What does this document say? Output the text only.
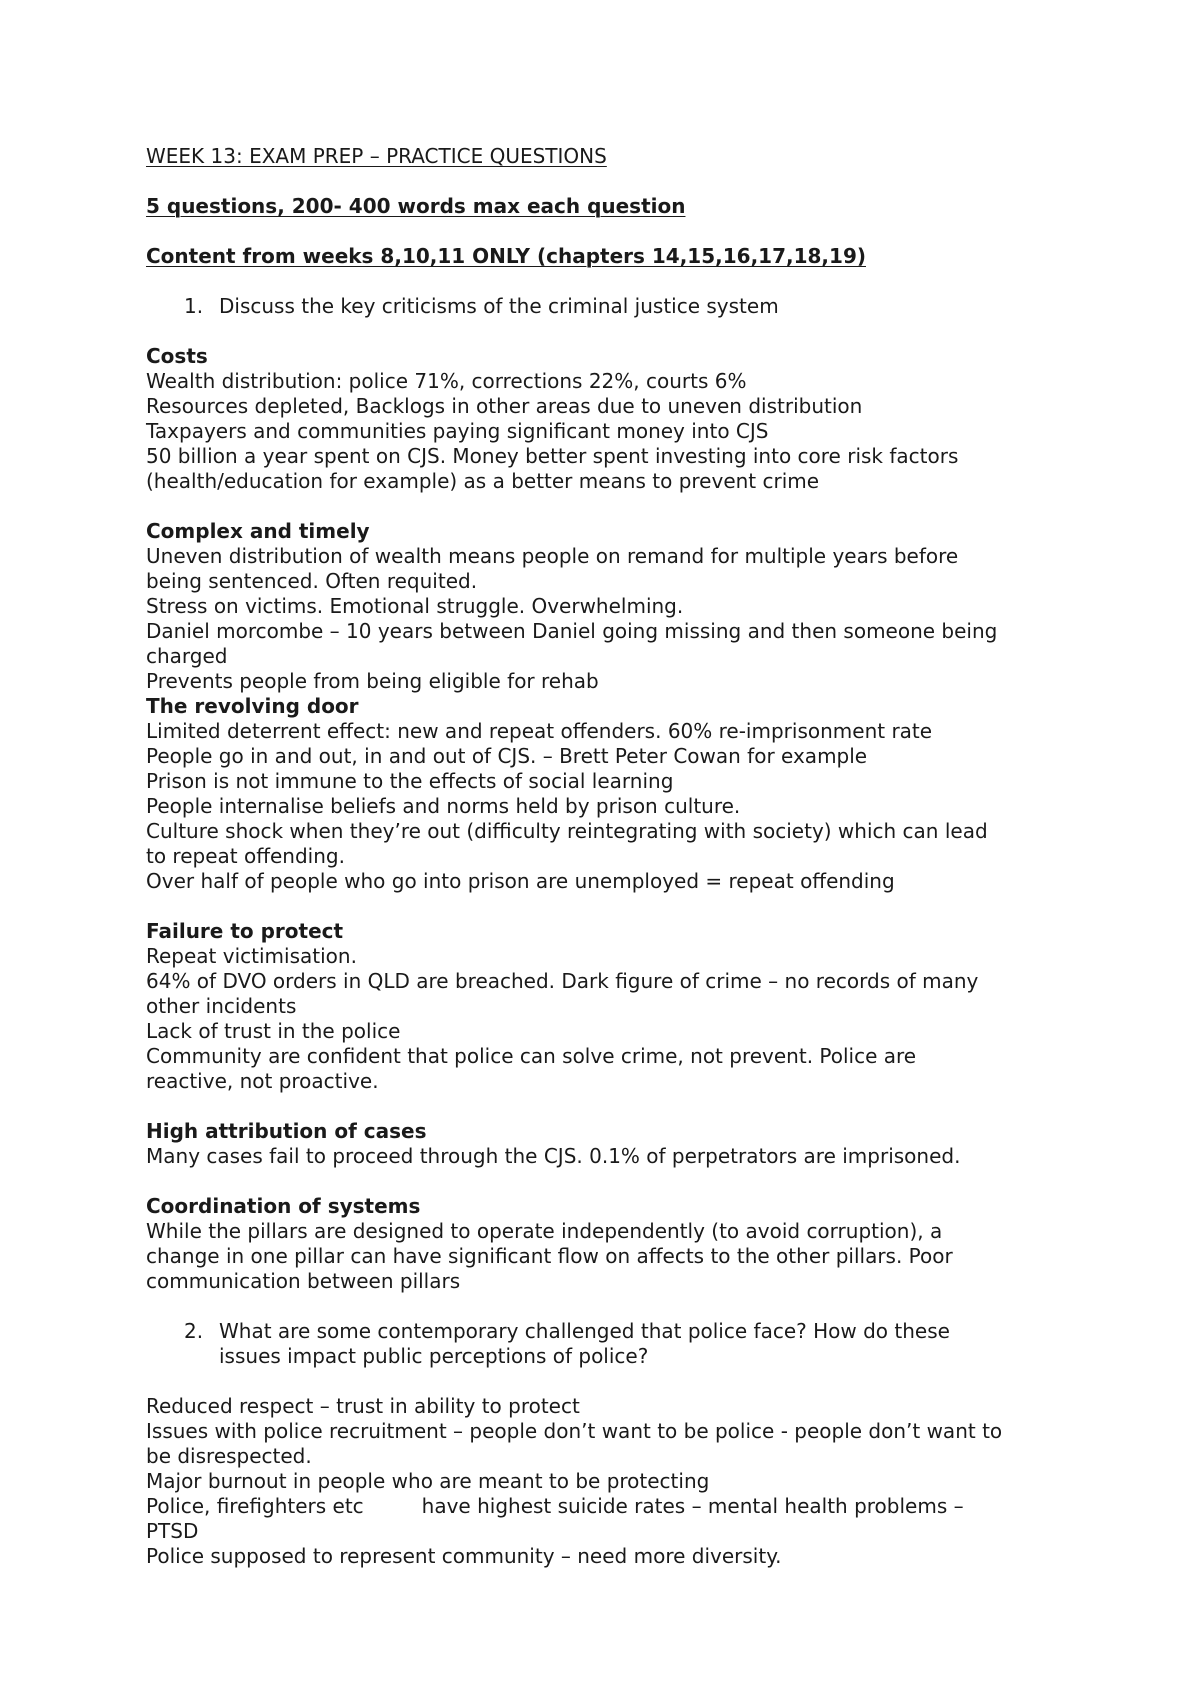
WEEK 13: EXAM PREP – PRACTICE QUESTIONS
5 questions, 200- 400 words max each question
Content from weeks 8,10,11 ONLY (chapters 14,15,16,17,18,19)
1. Discuss the key criticisms of the criminal justice system
Costs
Wealth distribution: police 71%, corrections 22%, courts 6%
Resources depleted, Backlogs in other areas due to uneven distribution
Taxpayers and communities paying significant money into CJS
50 billion a year spent on CJS. Money better spent investing into core risk factors
(health/education for example) as a better means to prevent crime
Complex and timely
Uneven distribution of wealth means people on remand for multiple years before
being sentenced. Often requited.
Stress on victims. Emotional struggle. Overwhelming.
Daniel morcombe – 10 years between Daniel going missing and then someone being
charged
Prevents people from being eligible for rehab
The revolving door
Limited deterrent effect: new and repeat offenders. 60% re-imprisonment rate
People go in and out, in and out of CJS. – Brett Peter Cowan for example
Prison is not immune to the effects of social learning
People internalise beliefs and norms held by prison culture.
Culture shock when they’re out (difficulty reintegrating with society) which can lead
to repeat offending.
Over half of people who go into prison are unemployed = repeat offending
Failure to protect
Repeat victimisation.
64% of DVO orders in QLD are breached. Dark figure of crime – no records of many
other incidents
Lack of trust in the police
Community are confident that police can solve crime, not prevent. Police are
reactive, not proactive.
High attribution of cases
Many cases fail to proceed through the CJS. 0.1% of perpetrators are imprisoned.
Coordination of systems
While the pillars are designed to operate independently (to avoid corruption), a
change in one pillar can have significant flow on affects to the other pillars. Poor
communication between pillars
2. What are some contemporary challenged that police face? How do these
issues impact public perceptions of police?
Reduced respect – trust in ability to protect
Issues with police recruitment – people don’t want to be police - people don’t want to
be disrespected.
Major burnout in people who are meant to be protecting
Police, firefighters etc	have highest suicide rates – mental health problems –
PTSD
Police supposed to represent community – need more diversity.
